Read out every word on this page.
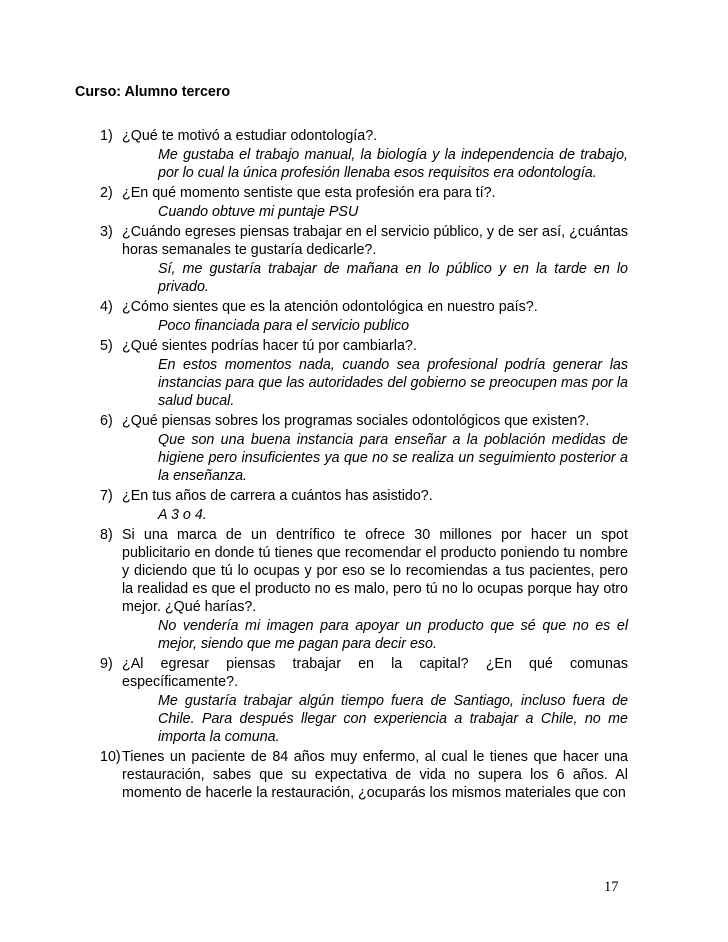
Curso: Alumno tercero

1) ¿Qué te motivó a estudiar odontología?.

Me gustaba el trabajo manual, la biología y la independencia de trabajo, por lo cual la única profesión llenaba esos requisitos era odontología.

2) ¿En qué momento sentiste que esta profesión era para tí?.

Cuando obtuve mi puntaje PSU

3) ¿Cuándo egreses piensas trabajar en el servicio público, y de ser así, ¿cuántas horas semanales te gustaría dedicarle?.

Sí, me gustaría trabajar de mañana en lo público y en la tarde en lo privado.

4) ¿Cómo sientes que es la atención odontológica en nuestro país?.

Poco financiada para el servicio publico

5) ¿Qué sientes podrías hacer tú por cambiarla?.

En estos momentos nada, cuando sea profesional podría generar las instancias para que las autoridades del gobierno se preocupen mas por la salud bucal.

6) ¿Qué piensas sobres los programas sociales odontológicos que existen?.

Que son una buena instancia para enseñar a la población medidas de higiene pero insuficientes ya que no se realiza un seguimiento posterior a la enseñanza.

7) ¿En tus años de carrera a cuántos has asistido?.

A 3 o 4.

8) Si una marca de un dentrífico te ofrece 30 millones por hacer un spot publicitario en donde tú tienes que recomendar el producto poniendo tu nombre y diciendo que tú lo ocupas y por eso se lo recomiendas a tus pacientes, pero la realidad es que el producto no es malo, pero tú no lo ocupas porque hay otro mejor. ¿Qué harías?.

No vendería mi imagen para apoyar un producto que sé que no es el mejor, siendo que me pagan para decir eso.

9) ¿Al egresar piensas trabajar en la capital? ¿En qué comunas
específicamente?.

Me gustaría trabajar algún tiempo fuera de Santiago, incluso fuera de Chile. Para después llegar con experiencia a trabajar a Chile, no me importa la comuna.

10) Tienes un paciente de 84 años muy enfermo, al cual le tienes que hacer una restauración, sabes que su expectativa de vida no supera los 6 años. Al momento de hacerle la restauración, ¿ocuparás los mismos materiales que con

17
